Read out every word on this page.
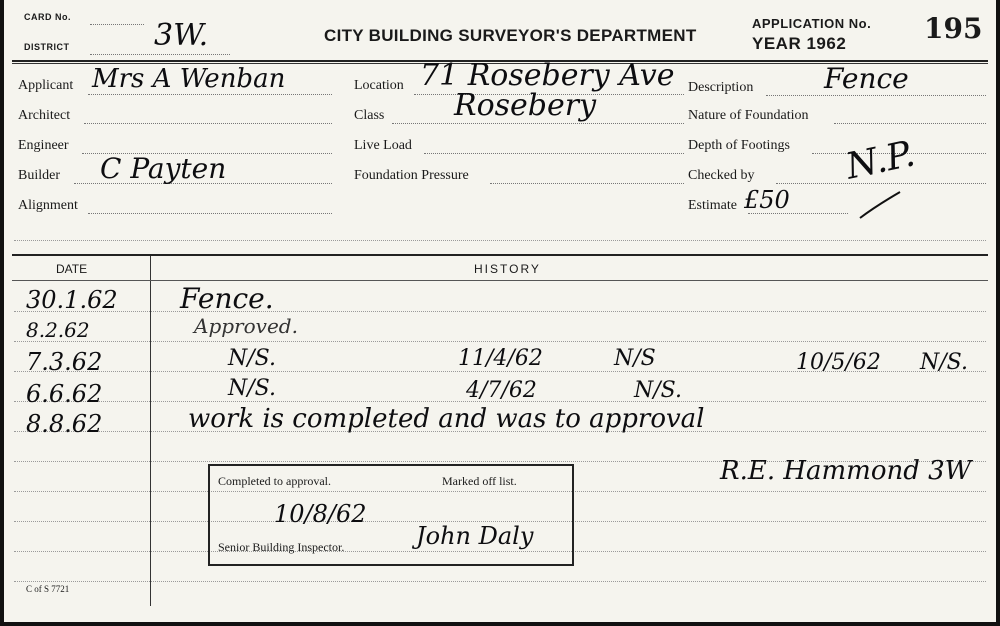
CARD No.
DISTRICT	3W.	CITY BUILDING SURVEYOR'S DEPARTMENT
APPLICATION No.
YEAR 1962	195
Applicant Mrs A Wenban
Architect
Engineer
Builder C Payten
Alignment
Location 71 Rosebery Ave
Class Rosebery
Live Load
Foundation Pressure
Description	Fence
Nature of Foundation
Depth of Footings
Checked by N.P.
Estimate £50
DATE	HISTORY
30.1.62 Fence.
8.2.62	Approved.
7.3.62	N/S.	11/4/62	N/S	10/5/62 N/S.
6.6.62	N/S.	4/7/62	N/S.
8.8.62	work is completed and was to approval
R.E. Hammond 3W
Completed to approval.	Marked off list.
10/8/62
Senior Building Inspector.	John Daly
C of S 7721
